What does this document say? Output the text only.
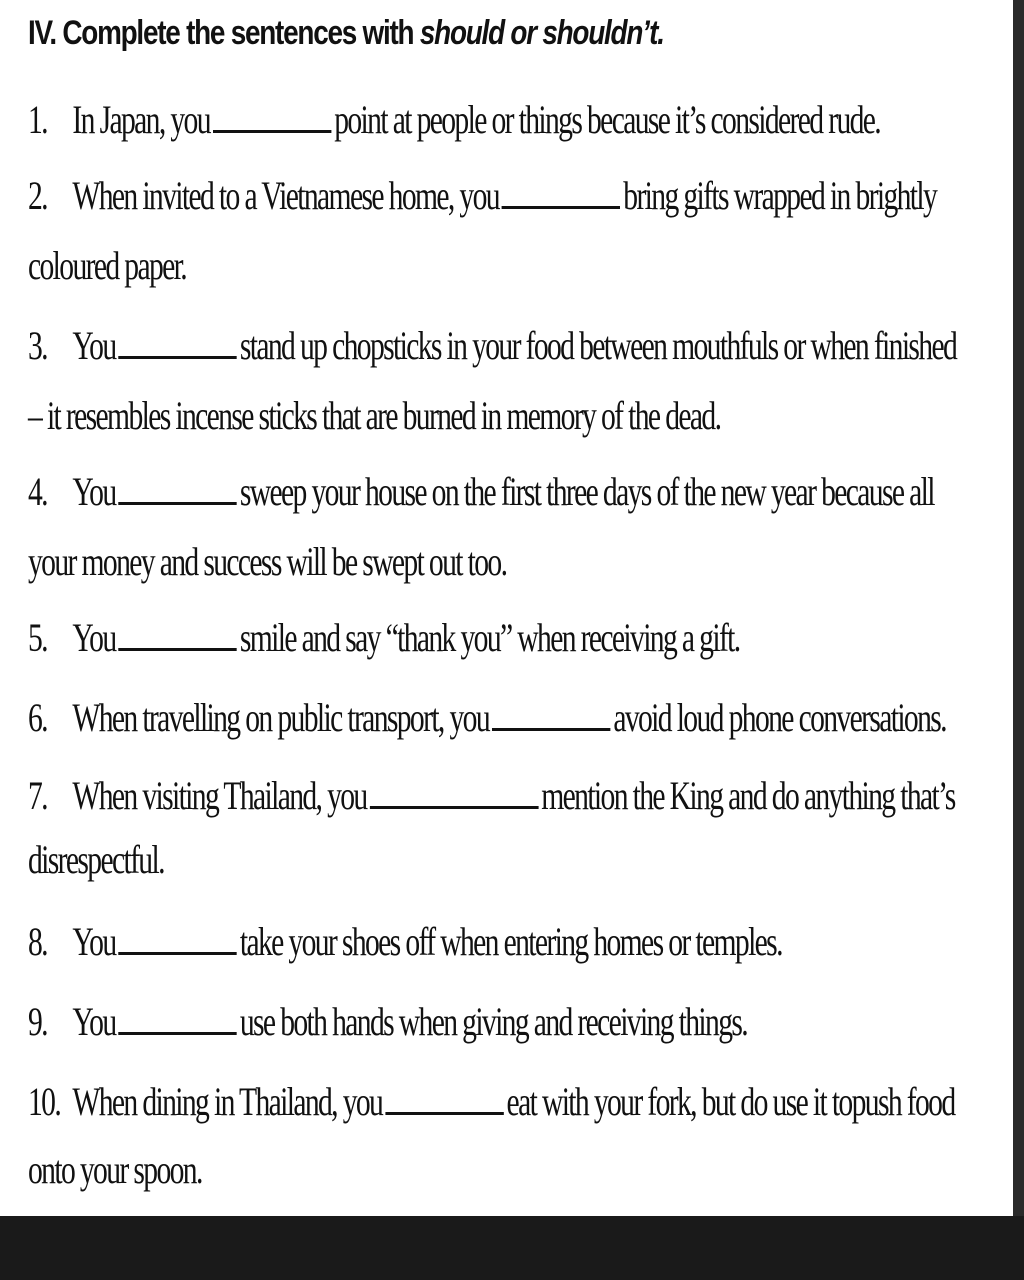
IV. Complete the sentences with should or shouldn’t.
1. In Japan, you	point at people or things because it’s considered rude.
2. When invited to a Vietnamese home, you	bring gifts wrapped in brightly
coloured paper.
3. You	stand up chopsticks in your food between mouthfuls or when finished
– it resembles incense sticks that are burned in memory of the dead.
4. You	sweep your house on the first three days of the new year because all
your money and success will be swept out too.
5. You	smile and say “thank you” when receiving a gift.
6. When travelling on public transport, you	avoid loud phone conversations.
7. When visiting Thailand, you	mention the King and do anything that’s
disrespectful.
8. You	take your shoes off when entering homes or temples.
9. You	use both hands when giving and receiving things.
10. When dining in Thailand, you	eat with your fork, but do use it topush food
onto your spoon.
